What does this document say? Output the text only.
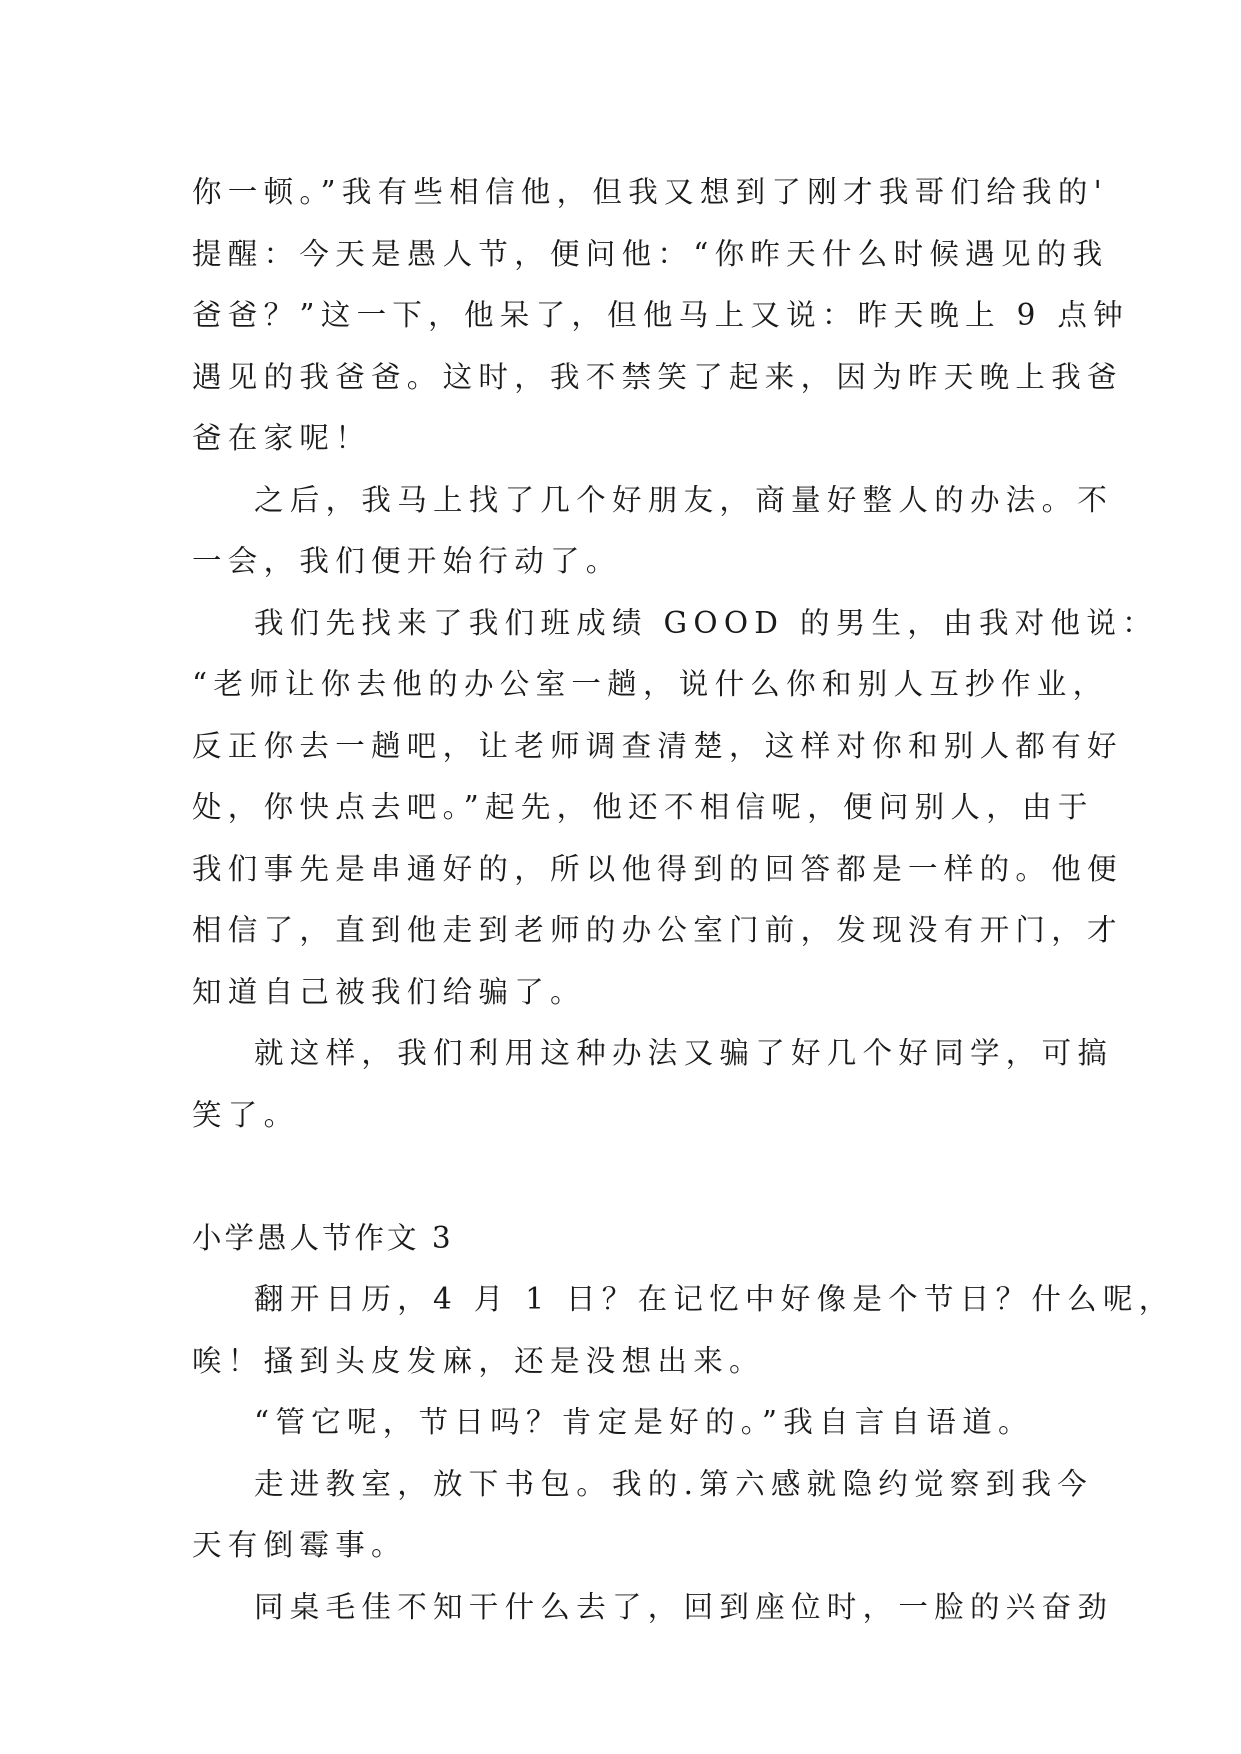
你一顿。”我有些相信他，但我又想到了刚才我哥们给我的'
提醒：今天是愚人节，便问他：“你昨天什么时候遇见的我
爸爸？”这一下，他呆了，但他马上又说：昨天晚上 9 点钟
遇见的我爸爸。这时，我不禁笑了起来，因为昨天晚上我爸
爸在家呢！
之后，我马上找了几个好朋友，商量好整人的办法。不
一会，我们便开始行动了。
我们先找来了我们班成绩 GOOD 的男生，由我对他说：
“老师让你去他的办公室一趟，说什么你和别人互抄作业，
反正你去一趟吧，让老师调查清楚，这样对你和别人都有好
处，你快点去吧。”起先，他还不相信呢，便问别人，由于
我们事先是串通好的，所以他得到的回答都是一样的。他便
相信了，直到他走到老师的办公室门前，发现没有开门，才
知道自己被我们给骗了。
就这样，我们利用这种办法又骗了好几个好同学，可搞
笑了。
小学愚人节作文 3
翻开日历，4 月 1 日？在记忆中好像是个节日？什么呢，
唉！搔到头皮发麻，还是没想出来。
“管它呢，节日吗？肯定是好的。”我自言自语道。
走进教室，放下书包。我的.第六感就隐约觉察到我今
天有倒霉事。
同桌毛佳不知干什么去了，回到座位时，一脸的兴奋劲
